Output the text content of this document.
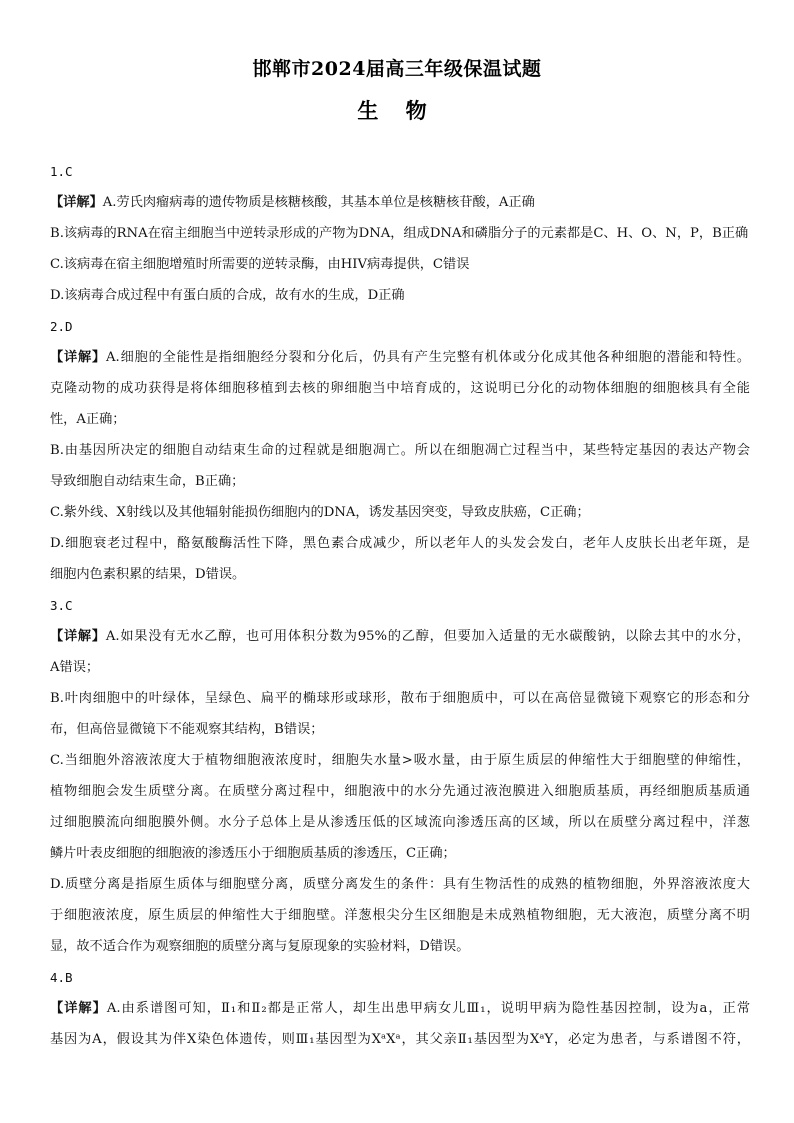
邯郸市2024届高三年级保温试题
生 物
1.C
【详解】A.劳氏肉瘤病毒的遗传物质是核糖核酸，其基本单位是核糖核苷酸，A正确
B.该病毒的RNA在宿主细胞当中逆转录形成的产物为DNA，组成DNA和磷脂分子的元素都是C、H、O、N，P，B正确
C.该病毒在宿主细胞增殖时所需要的逆转录酶，由HIV病毒提供，C错误
D.该病毒合成过程中有蛋白质的合成，故有水的生成，D正确
2.D
【详解】A.细胞的全能性是指细胞经分裂和分化后，仍具有产生完整有机体或分化成其他各种细胞的潜能和特性。
克隆动物的成功获得是将体细胞移植到去核的卵细胞当中培育成的，这说明已分化的动物体细胞的细胞核具有全能
性，A正确；
B.由基因所决定的细胞自动结束生命的过程就是细胞凋亡。所以在细胞凋亡过程当中，某些特定基因的表达产物会
导致细胞自动结束生命，B正确；
C.紫外线、X射线以及其他辐射能损伤细胞内的DNA，诱发基因突变，导致皮肤癌，C正确；
D.细胞衰老过程中，酪氨酸酶活性下降，黑色素合成减少，所以老年人的头发会发白，老年人皮肤长出老年斑，是
细胞内色素积累的结果，D错误。
3.C
【详解】A.如果没有无水乙醇，也可用体积分数为95%的乙醇，但要加入适量的无水碳酸钠，以除去其中的水分，
A错误；
B.叶肉细胞中的叶绿体，呈绿色、扁平的椭球形或球形，散布于细胞质中，可以在高倍显微镜下观察它的形态和分
布，但高倍显微镜下不能观察其结构，B错误；
C.当细胞外溶液浓度大于植物细胞液浓度时，细胞失水量>吸水量，由于原生质层的伸缩性大于细胞壁的伸缩性，
植物细胞会发生质壁分离。在质壁分离过程中，细胞液中的水分先通过液泡膜进入细胞质基质，再经细胞质基质通
过细胞膜流向细胞膜外侧。水分子总体上是从渗透压低的区域流向渗透压高的区域，所以在质壁分离过程中，洋葱
鳞片叶表皮细胞的细胞液的渗透压小于细胞质基质的渗透压，C正确；
D.质壁分离是指原生质体与细胞壁分离，质壁分离发生的条件：具有生物活性的成熟的植物细胞，外界溶液浓度大
于细胞液浓度，原生质层的伸缩性大于细胞壁。洋葱根尖分生区细胞是未成熟植物细胞，无大液泡，质壁分离不明
显，故不适合作为观察细胞的质壁分离与复原现象的实验材料，D错误。
4.B
【详解】A.由系谱图可知，Ⅱ₁和Ⅱ₂都是正常人，却生出患甲病女儿Ⅲ₁，说明甲病为隐性基因控制，设为a，正常
基因为A，假设其为伴X染色体遗传，则Ⅲ₁基因型为XᵃXᵃ，其父亲Ⅱ₁基因型为XᵃY，必定为患者，与系谱图不符，
